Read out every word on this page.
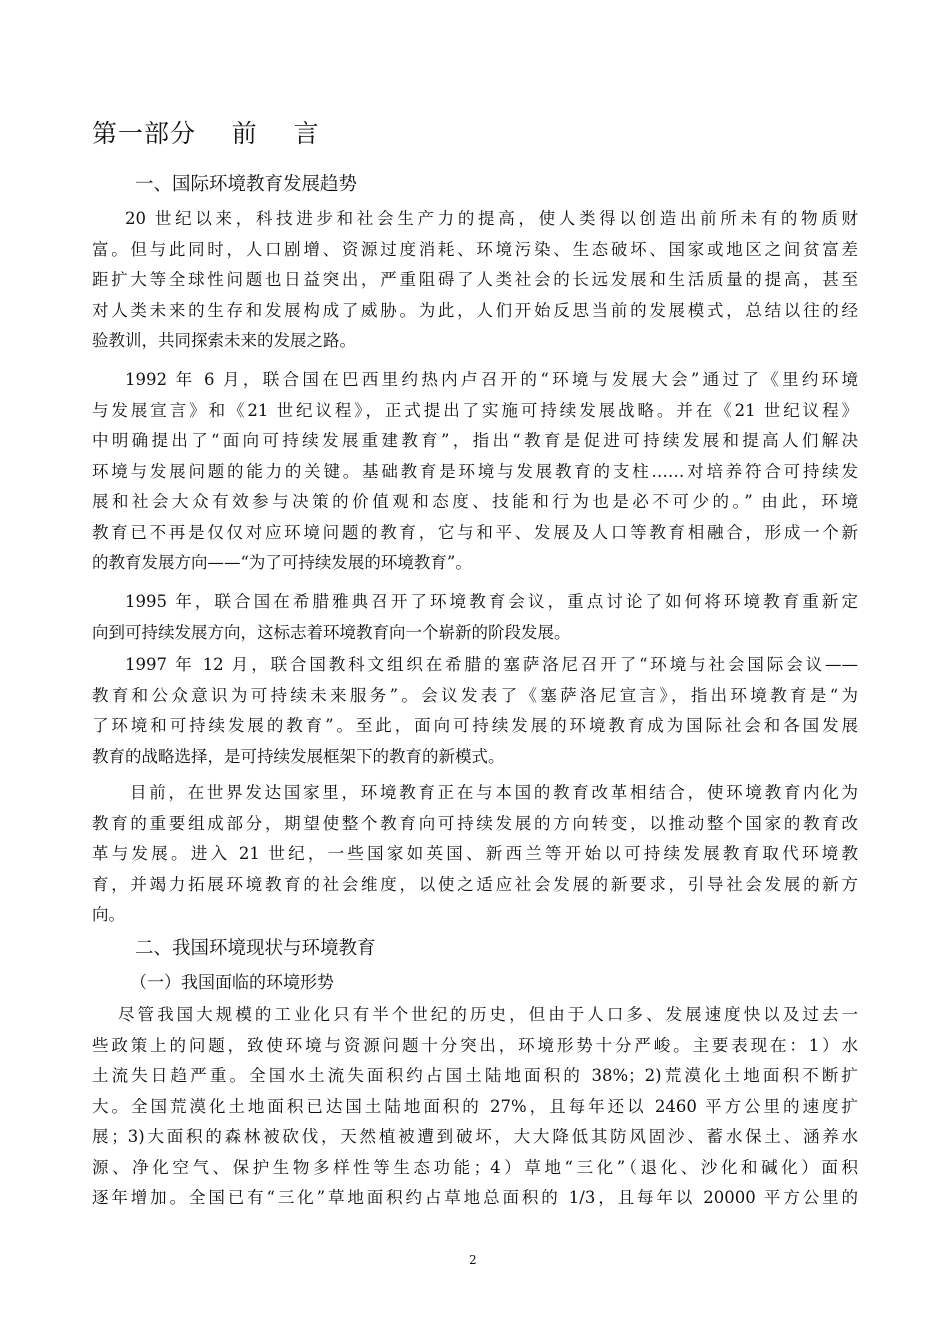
第一部分    前    言
一、国际环境教育发展趋势
20 世纪以来，科技进步和社会生产力的提高，使人类得以创造出前所未有的物质财
富。但与此同时，人口剧增、资源过度消耗、环境污染、生态破坏、国家或地区之间贫富差
距扩大等全球性问题也日益突出，严重阻碍了人类社会的长远发展和生活质量的提高，甚至
对人类未来的生存和发展构成了威胁。为此，人们开始反思当前的发展模式，总结以往的经
验教训，共同探索未来的发展之路。
1992 年 6 月，联合国在巴西里约热内卢召开的“环境与发展大会”通过了《里约环境
与发展宣言》和《21 世纪议程》，正式提出了实施可持续发展战略。并在《21 世纪议程》
中明确提出了“面向可持续发展重建教育”，指出“教育是促进可持续发展和提高人们解决
环境与发展问题的能力的关键。基础教育是环境与发展教育的支柱……对培养符合可持续发
展和社会大众有效参与决策的价值观和态度、技能和行为也是必不可少的。” 由此，环境
教育已不再是仅仅对应环境问题的教育，它与和平、发展及人口等教育相融合，形成一个新
的教育发展方向——“为了可持续发展的环境教育”。
1995 年，联合国在希腊雅典召开了环境教育会议，重点讨论了如何将环境教育重新定
向到可持续发展方向，这标志着环境教育向一个崭新的阶段发展。
1997 年 12 月，联合国教科文组织在希腊的塞萨洛尼召开了“环境与社会国际会议——
教育和公众意识为可持续未来服务”。会议发表了《塞萨洛尼宣言》，指出环境教育是“为
了环境和可持续发展的教育”。至此，面向可持续发展的环境教育成为国际社会和各国发展
教育的战略选择，是可持续发展框架下的教育的新模式。
目前，在世界发达国家里，环境教育正在与本国的教育改革相结合，使环境教育内化为
教育的重要组成部分，期望使整个教育向可持续发展的方向转变，以推动整个国家的教育改
革与发展。进入 21 世纪，一些国家如英国、新西兰等开始以可持续发展教育取代环境教
育，并竭力拓展环境教育的社会维度，以使之适应社会发展的新要求，引导社会发展的新方
向。
二、我国环境现状与环境教育
（一）我国面临的环境形势
尽管我国大规模的工业化只有半个世纪的历史，但由于人口多、发展速度快以及过去一
些政策上的问题，致使环境与资源问题十分突出，环境形势十分严峻。主要表现在：1）水
土流失日趋严重。全国水土流失面积约占国土陆地面积的 38%；2)荒漠化土地面积不断扩
大。全国荒漠化土地面积已达国土陆地面积的 27%，且每年还以 2460 平方公里的速度扩
展；3)大面积的森林被砍伐，天然植被遭到破坏，大大降低其防风固沙、蓄水保土、涵养水
源、净化空气、保护生物多样性等生态功能；4）草地“三化”（退化、沙化和碱化）面积
逐年增加。全国已有“三化”草地面积约占草地总面积的 1/3，且每年以 20000 平方公里的
2
